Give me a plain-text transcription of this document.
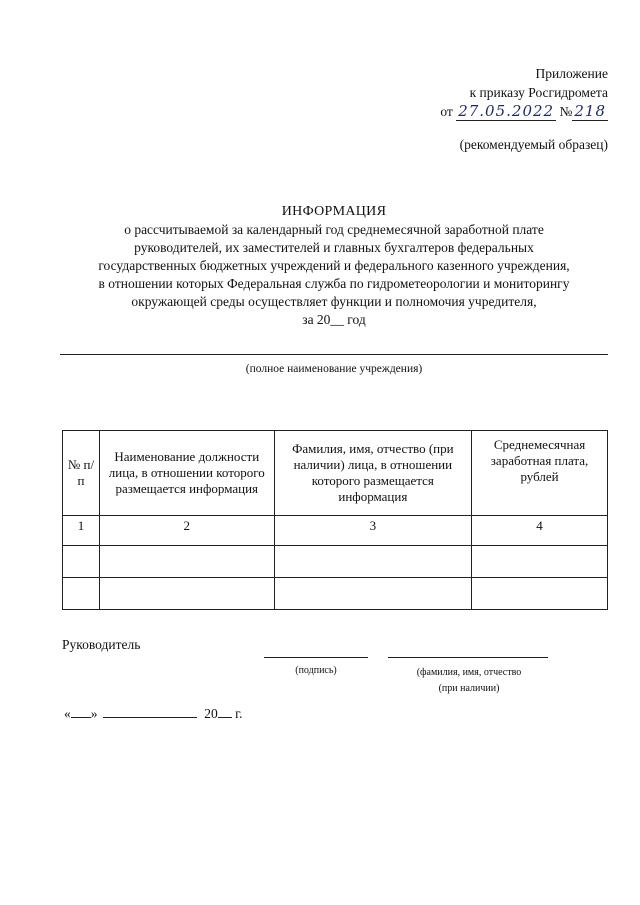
Приложение
к приказу Росгидромета
от 27.05.2022 № 218
(рекомендуемый образец)
ИНФОРМАЦИЯ
о рассчитываемой за календарный год среднемесячной заработной плате
руководителей, их заместителей и главных бухгалтеров федеральных
государственных бюджетных учреждений и федерального казенного учреждения,
в отношении которых Федеральная служба по гидрометеорологии и мониторингу
окружающей среды осуществляет функции и полномочия учредителя,
за 20__ год
(полное наименование учреждения)
№ п/п	Наименование должности лица, в отношении которого размещается информация	Фамилия, имя, отчество (при наличии) лица, в отношении которого размещается информация	Среднемесячная заработная плата, рублей
1	2	3	4

Руководитель
(подпись)	(фамилия, имя, отчество
(при наличии)
« »	20 г.
